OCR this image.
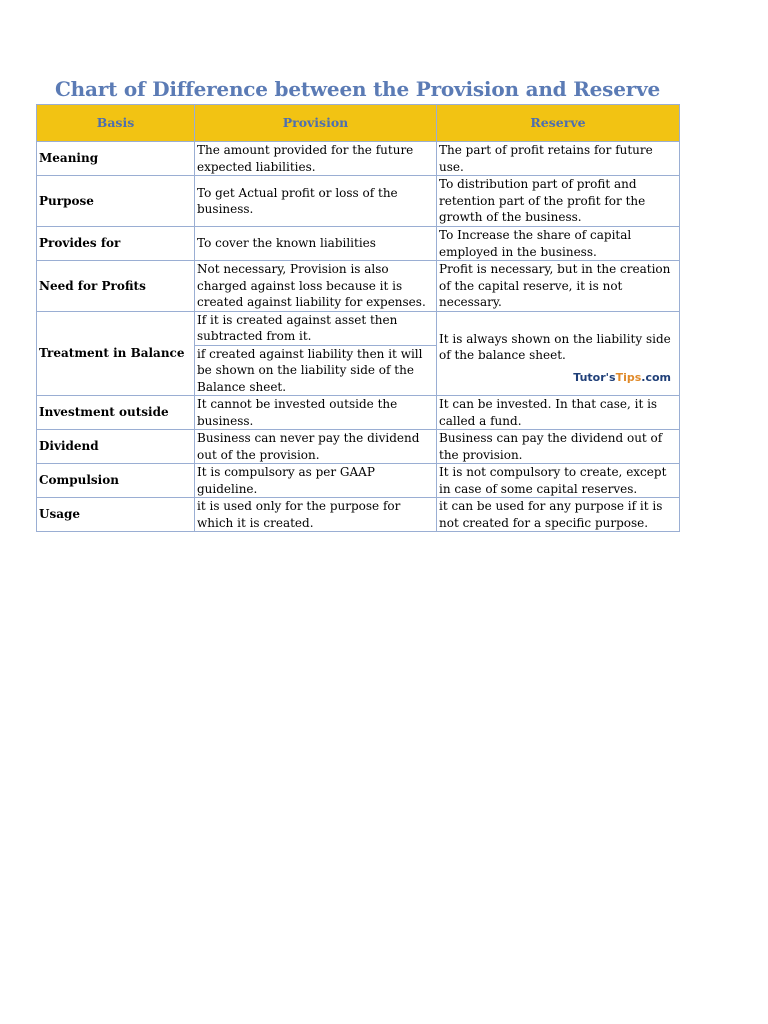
Chart of Difference between the Provision and Reserve
Basis	Provision	Reserve
Meaning	The amount provided for the future expected liabilities.	The part of profit retains for future use.
Purpose	To get Actual profit or loss of the business.	To distribution part of profit and retention part of the profit for the growth of the business.
Provides for	To cover the known liabilities	To Increase the share of capital employed in the business.
Need for Profits	Not necessary, Provision is also charged against loss because it is created against liability for expenses.	Profit is necessary, but in the creation of the capital reserve, it is not necessary.
Treatment in Balance	If it is created against asset then subtracted from it.	It is always shown on the liability side of the balance sheet.
Tutor'sTips.com

	if created against liability then it will be shown on the liability side of the Balance sheet.	
Investment outside	It cannot be invested outside the business.	It can be invested. In that case, it is called a fund.
Dividend	Business can never pay the dividend out of the provision.	Business can pay the dividend out of the provision.
Compulsion	It is compulsory as per GAAP guideline.	It is not compulsory to create, except in case of some capital reserves.
Usage	it is used only for the purpose for which it is created.	it can be used for any purpose if it is not created for a specific purpose.
